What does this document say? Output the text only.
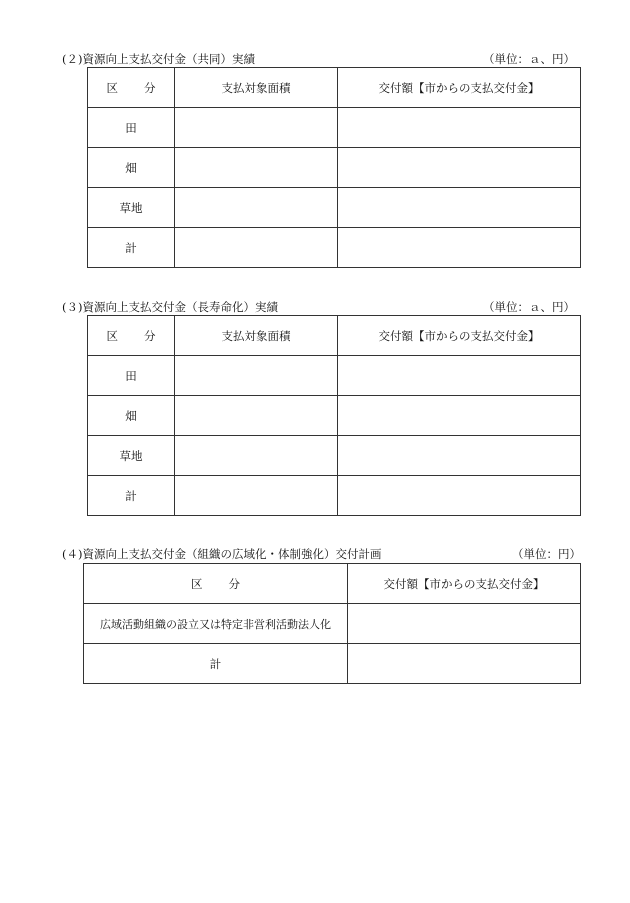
(２)資源向上支払交付金（共同）実績	（単位：ａ、円）
区 分	支払対象面積	交付額【市からの支払交付金】
田		
畑		
草地		
計		
(３)資源向上支払交付金（長寿命化）実績	（単位：ａ、円）
区 分	支払対象面積	交付額【市からの支払交付金】
田		
畑		
草地		
計		
(４)資源向上支払交付金（組織の広域化・体制強化）交付計画	（単位：円）
区 分	交付額【市からの支払交付金】
広域活動組織の設立又は特定非営利活動法人化	
計	
